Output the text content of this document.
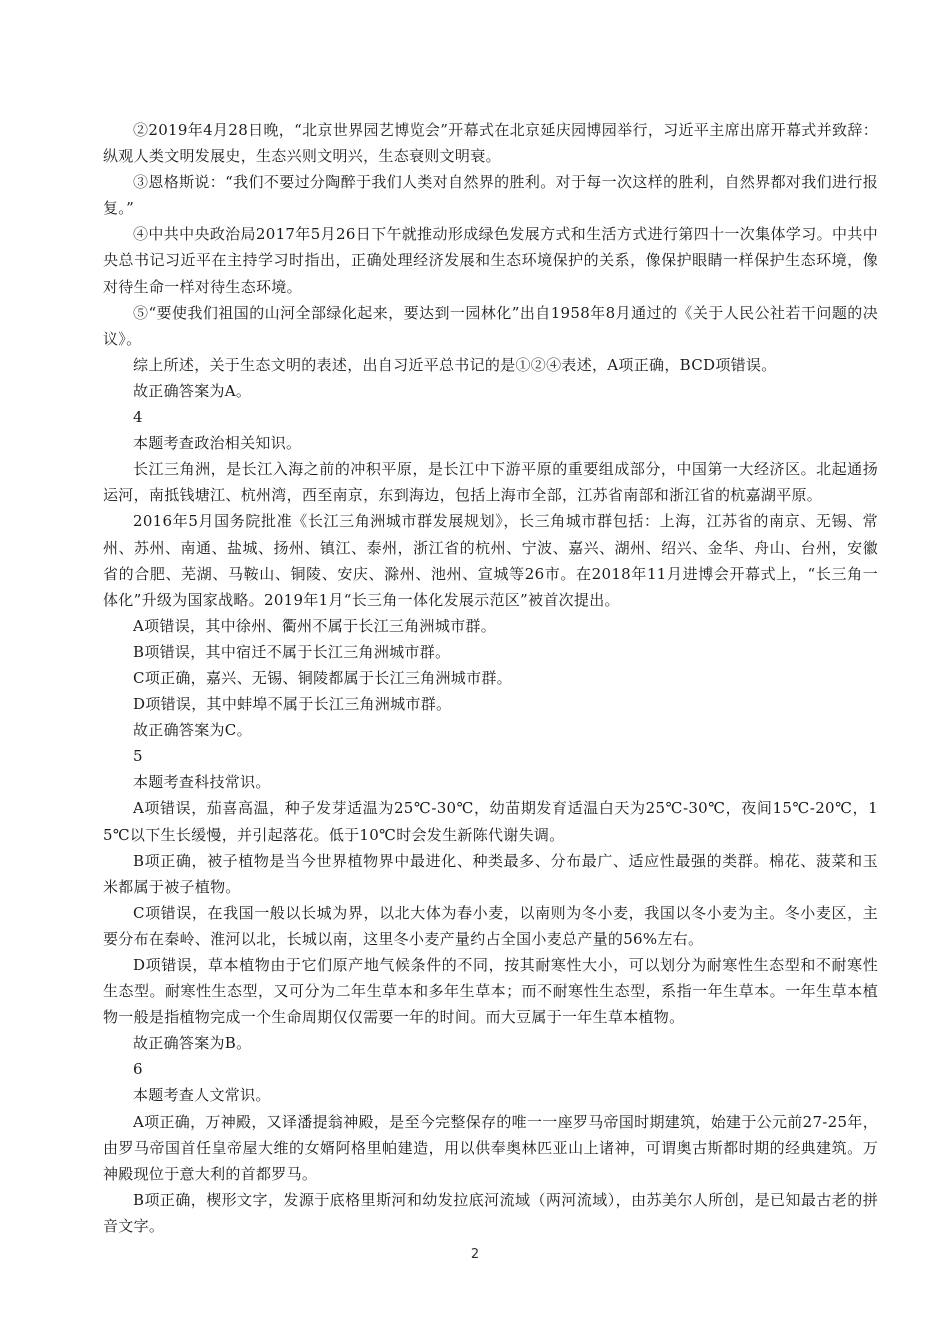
②2019年4月28日晚，“北京世界园艺博览会”开幕式在北京延庆园博园举行，习近平主席出席开幕式并致辞：纵观人类文明发展史，生态兴则文明兴，生态衰则文明衰。

③恩格斯说：“我们不要过分陶醉于我们人类对自然界的胜利。对于每一次这样的胜利，自然界都对我们进行报复。”

④中共中央政治局2017年5月26日下午就推动形成绿色发展方式和生活方式进行第四十一次集体学习。中共中央总书记习近平在主持学习时指出，正确处理经济发展和生态环境保护的关系，像保护眼睛一样保护生态环境，像对待生命一样对待生态环境。

⑤“要使我们祖国的山河全部绿化起来，要达到一园林化”出自1958年8月通过的《关于人民公社若干问题的决议》。

综上所述，关于生态文明的表述，出自习近平总书记的是①②④表述，A项正确，BCD项错误。

故正确答案为A。

4

本题考查政治相关知识。

长江三角洲，是长江入海之前的冲积平原，是长江中下游平原的重要组成部分，中国第一大经济区。北起通扬运河，南抵钱塘江、杭州湾，西至南京，东到海边，包括上海市全部，江苏省南部和浙江省的杭嘉湖平原。

2016年5月国务院批准《长江三角洲城市群发展规划》，长三角城市群包括：上海，江苏省的南京、无锡、常州、苏州、南通、盐城、扬州、镇江、泰州，浙江省的杭州、宁波、嘉兴、湖州、绍兴、金华、舟山、台州，安徽省的合肥、芜湖、马鞍山、铜陵、安庆、滁州、池州、宣城等26市。在2018年11月进博会开幕式上，“长三角一体化”升级为国家战略。2019年1月“长三角一体化发展示范区”被首次提出。

A项错误，其中徐州、衢州不属于长江三角洲城市群。

B项错误，其中宿迁不属于长江三角洲城市群。

C项正确，嘉兴、无锡、铜陵都属于长江三角洲城市群。

D项错误，其中蚌埠不属于长江三角洲城市群。

故正确答案为C。

5

本题考查科技常识。

A项错误，茄喜高温，种子发芽适温为25℃-30℃，幼苗期发育适温白天为25℃-30℃，夜间15℃-20℃，15℃以下生长缓慢，并引起落花。低于10℃时会发生新陈代谢失调。

B项正确，被子植物是当今世界植物界中最进化、种类最多、分布最广、适应性最强的类群。棉花、菠菜和玉米都属于被子植物。

C项错误，在我国一般以长城为界，以北大体为春小麦，以南则为冬小麦，我国以冬小麦为主。冬小麦区，主要分布在秦岭、淮河以北，长城以南，这里冬小麦产量约占全国小麦总产量的56%左右。

D项错误，草本植物由于它们原产地气候条件的不同，按其耐寒性大小，可以划分为耐寒性生态型和不耐寒性生态型。耐寒性生态型，又可分为二年生草本和多年生草本；而不耐寒性生态型，系指一年生草本。一年生草本植物一般是指植物完成一个生命周期仅仅需要一年的时间。而大豆属于一年生草本植物。

故正确答案为B。

6

本题考查人文常识。

A项正确，万神殿，又译潘提翁神殿，是至今完整保存的唯一一座罗马帝国时期建筑，始建于公元前27-25年，由罗马帝国首任皇帝屋大维的女婿阿格里帕建造，用以供奉奥林匹亚山上诸神，可谓奥古斯都时期的经典建筑。万神殿现位于意大利的首都罗马。

B项正确，楔形文字，发源于底格里斯河和幼发拉底河流域（两河流域），由苏美尔人所创，是已知最古老的拼音文字。

2
